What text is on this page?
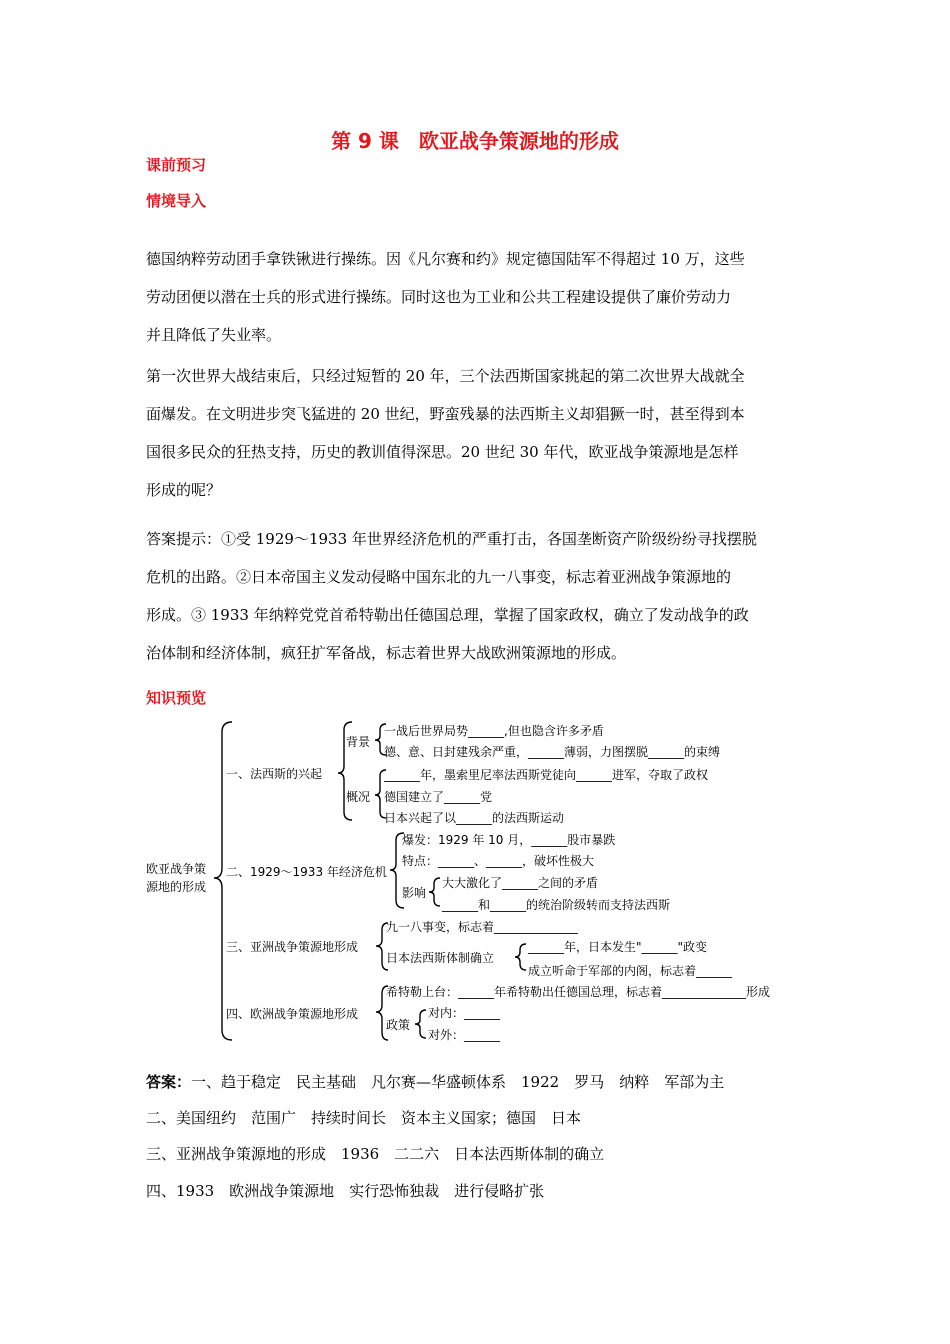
第 9 课　欧亚战争策源地的形成
课前预习
情境导入
德国纳粹劳动团手拿铁锹进行操练。因《凡尔赛和约》规定德国陆军不得超过 10 万，这些
劳动团便以潜在士兵的形式进行操练。同时这也为工业和公共工程建设提供了廉价劳动力
并且降低了失业率。
第一次世界大战结束后，只经过短暂的 20 年，三个法西斯国家挑起的第二次世界大战就全
面爆发。在文明进步突飞猛进的 20 世纪，野蛮残暴的法西斯主义却猖獗一时，甚至得到本
国很多民众的狂热支持，历史的教训值得深思。20 世纪 30 年代，欧亚战争策源地是怎样
形成的呢？
答案提示：①受 1929～1933 年世界经济危机的严重打击，各国垄断资产阶级纷纷寻找摆脱
危机的出路。②日本帝国主义发动侵略中国东北的九一八事变，标志着亚洲战争策源地的
形成。③ 1933 年纳粹党党首希特勒出任德国总理，掌握了国家政权，确立了发动战争的政
治体制和经济体制，疯狂扩军备战，标志着世界大战欧洲策源地的形成。
知识预览
欧亚战争策
源地的形成
一、法西斯的兴起
背景
一战后世界局势______,但也隐含许多矛盾
德、意、日封建残余严重，______薄弱，力图摆脱______的束缚
概况
______年，墨索里尼率法西斯党徒向______进军，夺取了政权
德国建立了______党
日本兴起了以______的法西斯运动
二、1929～1933 年经济危机
爆发：1929 年 10 月，______股市暴跌
特点：______、______，破坏性极大
影响
大大激化了______之间的矛盾
______和______的统治阶级转而支持法西斯
三、亚洲战争策源地形成
九一八事变，标志着______________
日本法西斯体制确立
______年，日本发生"______"政变
成立听命于军部的内阁，标志着______
四、欧洲战争策源地形成
希特勒上台：______年希特勒出任德国总理，标志着______________形成
政策
对内：______
对外：______
答案：一、趋于稳定　民主基础　凡尔赛—华盛顿体系　1922　罗马　纳粹　军部为主
二、美国纽约　范围广　持续时间长　资本主义国家；德国　日本
三、亚洲战争策源地的形成　1936　二二六　日本法西斯体制的确立
四、1933　欧洲战争策源地　实行恐怖独裁　进行侵略扩张
